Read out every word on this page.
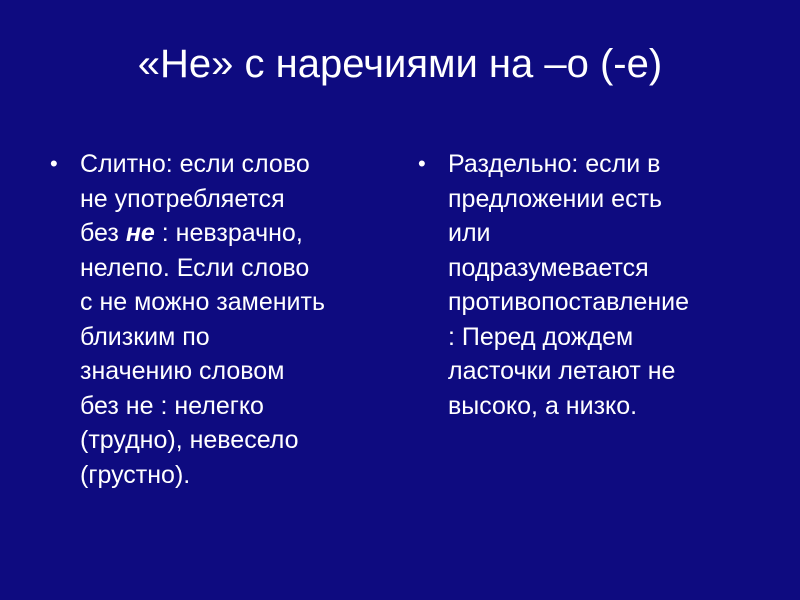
«Не» с наречиями на –о (-е)
• Слитно: если слово
не употребляется
без не : невзрачно,
нелепо. Если слово
с не можно заменить
близким по
значению словом
без не : нелегко
(трудно), невесело
(грустно).
• Раздельно: если в
предложении есть
или
подразумевается
противопоставление
: Перед дождем
ласточки летают не
высоко, а низко.
